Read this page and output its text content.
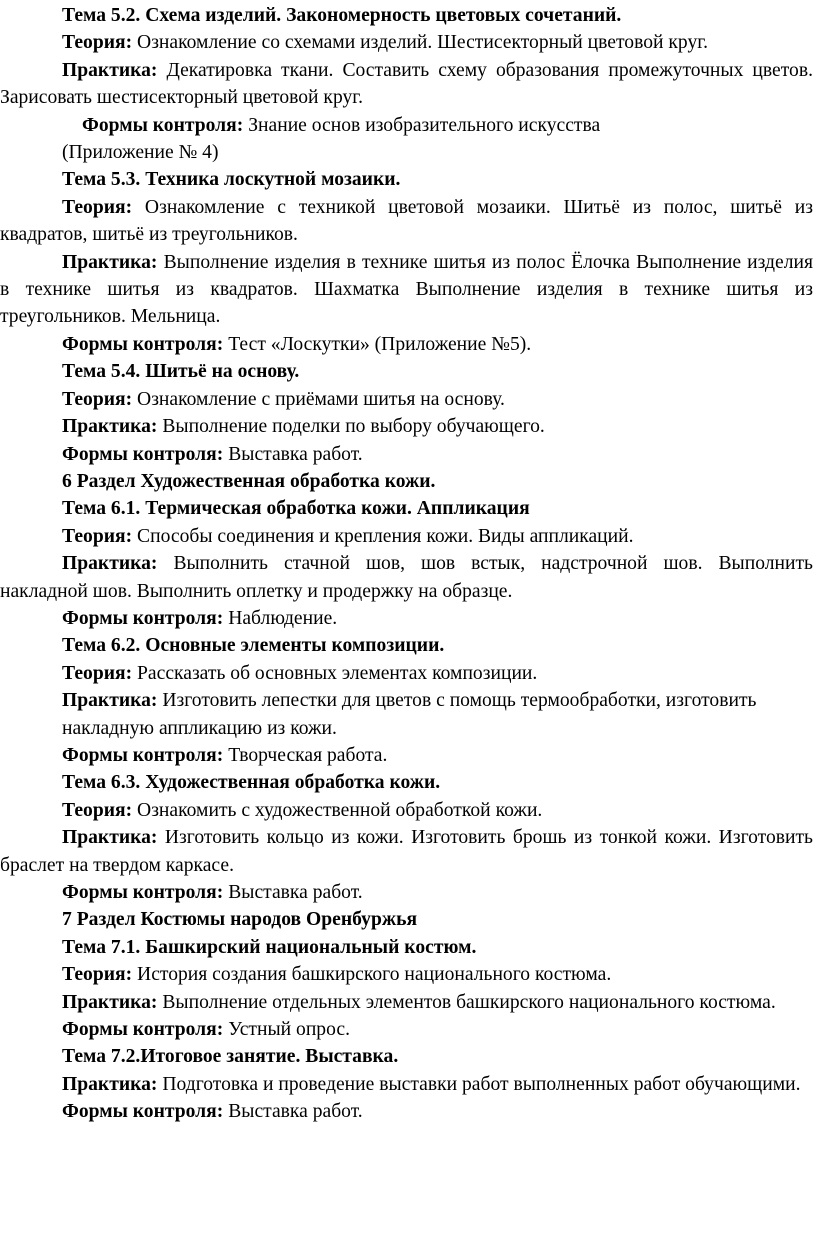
Тема 5.2. Схема изделий. Закономерность цветовых сочетаний.

Теория: Ознакомление со схемами изделий. Шестисекторный цветовой круг.

Практика: Декатировка ткани. Составить схему образования промежуточных цветов. Зарисовать шестисекторный цветовой круг.

Формы контроля: Знание основ изобразительного искусства

(Приложение № 4)

Тема 5.3. Техника лоскутной мозаики.

Теория: Ознакомление с техникой цветовой мозаики. Шитьё из полос, шитьё из квадратов, шитьё из треугольников.

Практика: Выполнение изделия в технике шитья из полос Ёлочка Выполнение изделия в технике шитья из квадратов. Шахматка Выполнение изделия в технике шитья из треугольников. Мельница.

Формы контроля: Тест «Лоскутки» (Приложение №5).

Тема 5.4. Шитьё на основу.

Теория: Ознакомление с приёмами шитья на основу.

Практика: Выполнение поделки по выбору обучающего.

Формы контроля: Выставка работ.

6 Раздел Художественная обработка кожи.

Тема 6.1. Термическая обработка кожи. Аппликация

Теория: Способы соединения и крепления кожи. Виды аппликаций.

Практика: Выполнить стачной шов, шов встык, надстрочной шов. Выполнить накладной шов. Выполнить оплетку и продержку на образце.

Формы контроля: Наблюдение.

Тема 6.2. Основные элементы композиции.

Теория: Рассказать об основных элементах композиции.

Практика: Изготовить лепестки для цветов с помощь термообработки, изготовить накладную аппликацию из кожи.

Формы контроля: Творческая работа.

Тема 6.3. Художественная обработка кожи.

Теория: Ознакомить с художественной обработкой кожи.

Практика: Изготовить кольцо из кожи. Изготовить брошь из тонкой кожи. Изготовить браслет на твердом каркасе.

Формы контроля: Выставка работ.

7 Раздел Костюмы народов Оренбуржья

Тема 7.1. Башкирский национальный костюм.

Теория: История создания башкирского национального костюма.

Практика: Выполнение отдельных элементов башкирского национального костюма.

Формы контроля: Устный опрос.

Тема 7.2.Итоговое занятие. Выставка.

Практика: Подготовка и проведение выставки работ выполненных работ обучающими.

Формы контроля: Выставка работ.
